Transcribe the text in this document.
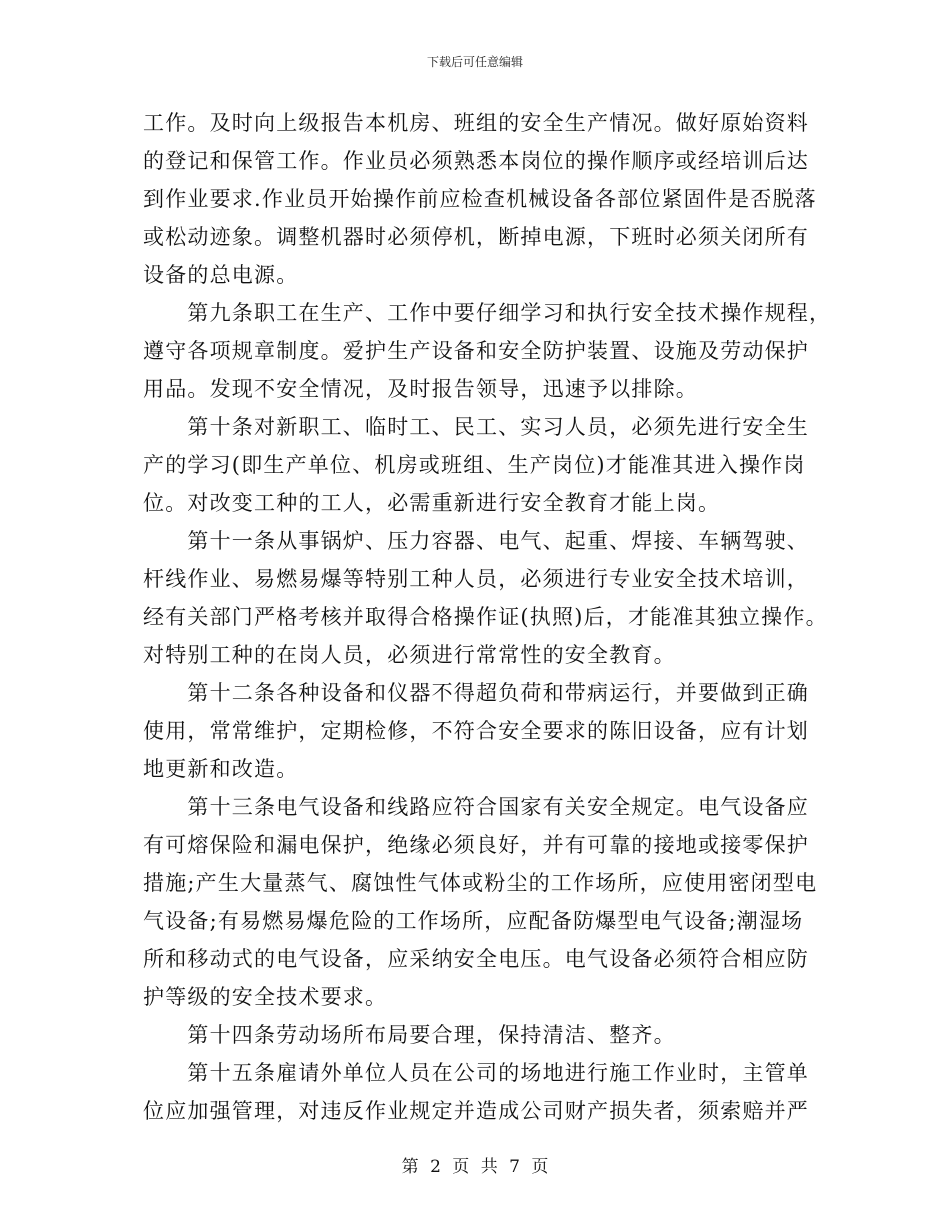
下载后可任意编辑
工作。及时向上级报告本机房、班组的安全生产情况。做好原始资料
的登记和保管工作。作业员必须熟悉本岗位的操作顺序或经培训后达
到作业要求.作业员开始操作前应检查机械设备各部位紧固件是否脱落
或松动迹象。调整机器时必须停机，断掉电源，下班时必须关闭所有
设备的总电源。
　　第九条职工在生产、工作中要仔细学习和执行安全技术操作规程，
遵守各项规章制度。爱护生产设备和安全防护装置、设施及劳动保护
用品。发现不安全情况，及时报告领导，迅速予以排除。
　　第十条对新职工、临时工、民工、实习人员，必须先进行安全生
产的学习(即生产单位、机房或班组、生产岗位)才能准其进入操作岗
位。对改变工种的工人，必需重新进行安全教育才能上岗。
　　第十一条从事锅炉、压力容器、电气、起重、焊接、车辆驾驶、
杆线作业、易燃易爆等特别工种人员，必须进行专业安全技术培训，
经有关部门严格考核并取得合格操作证(执照)后，才能准其独立操作。
对特别工种的在岗人员，必须进行常常性的安全教育。
　　第十二条各种设备和仪器不得超负荷和带病运行，并要做到正确
使用，常常维护，定期检修，不符合安全要求的陈旧设备，应有计划
地更新和改造。
　　第十三条电气设备和线路应符合国家有关安全规定。电气设备应
有可熔保险和漏电保护，绝缘必须良好，并有可靠的接地或接零保护
措施;产生大量蒸气、腐蚀性气体或粉尘的工作场所，应使用密闭型电
气设备;有易燃易爆危险的工作场所，应配备防爆型电气设备;潮湿场
所和移动式的电气设备，应采纳安全电压。电气设备必须符合相应防
护等级的安全技术要求。
　　第十四条劳动场所布局要合理，保持清洁、整齐。
　　第十五条雇请外单位人员在公司的场地进行施工作业时，主管单
位应加强管理，对违反作业规定并造成公司财产损失者，须索赔并严
第 2 页 共 7 页
